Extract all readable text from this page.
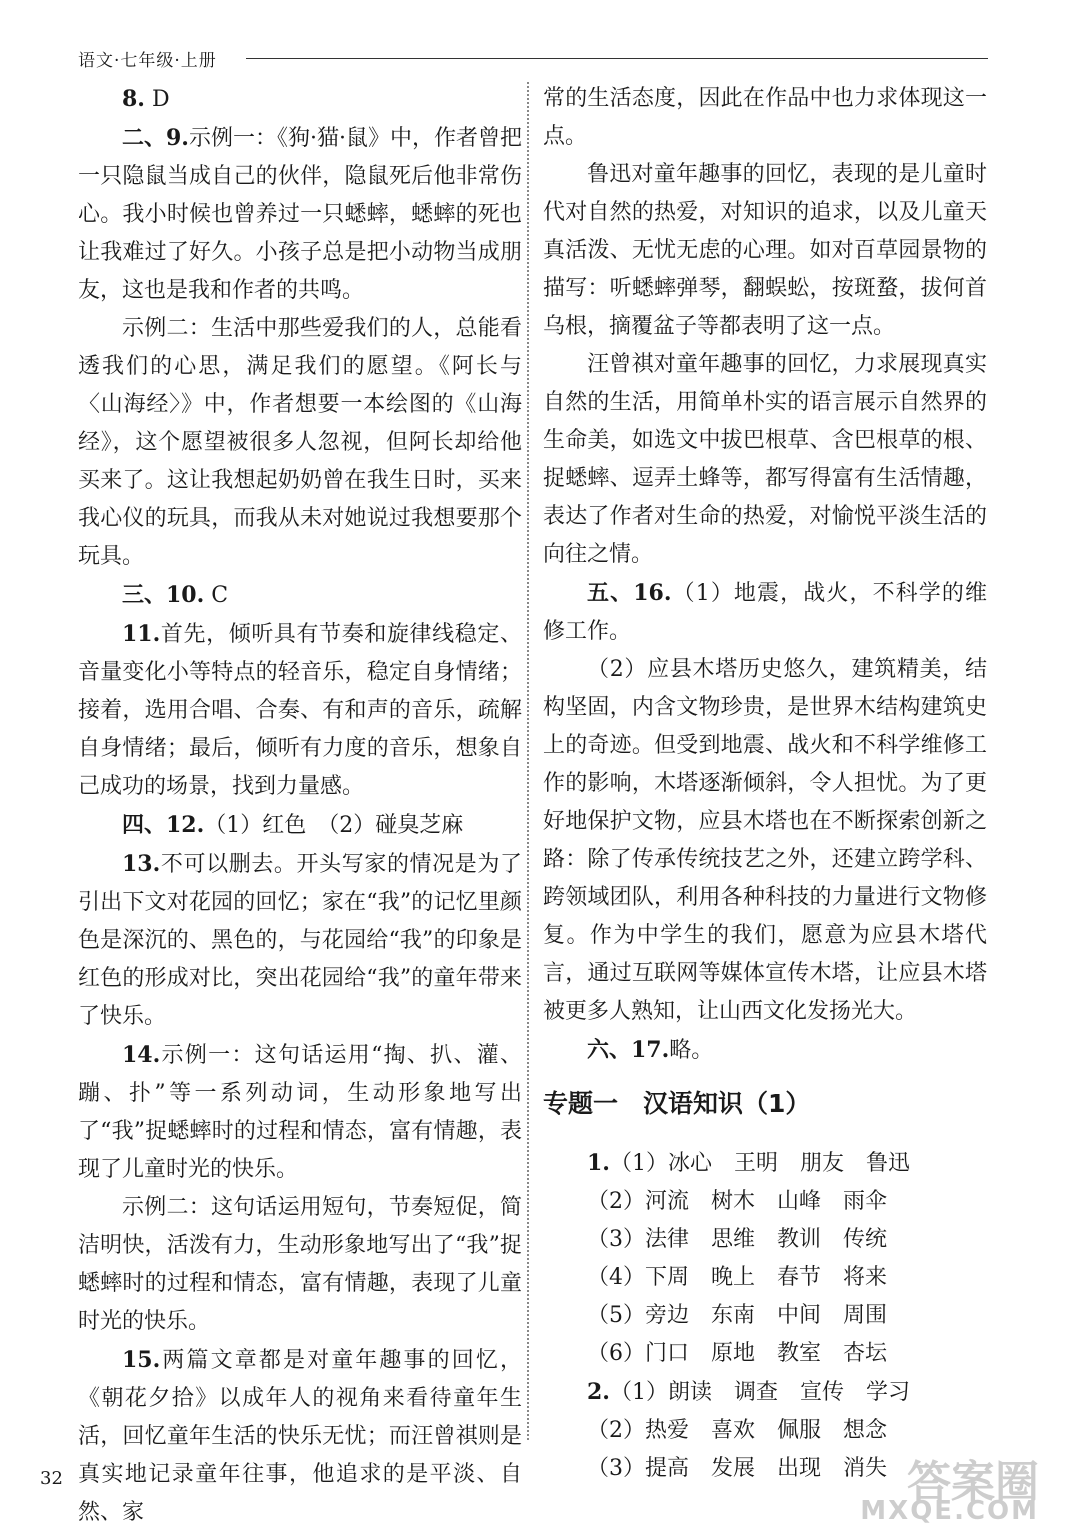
语文·七年级·上册

8. D

二、9.示例一：《狗·猫·鼠》中，作者曾把一只隐鼠当成自己的伙伴，隐鼠死后他非常伤心。我小时候也曾养过一只蟋蟀，蟋蟀的死也让我难过了好久。小孩子总是把小动物当成朋友，这也是我和作者的共鸣。

示例二：生活中那些爱我们的人，总能看透我们的心思，满足我们的愿望。《阿长与〈山海经〉》中，作者想要一本绘图的《山海经》，这个愿望被很多人忽视，但阿长却给他买来了。这让我想起奶奶曾在我生日时，买来我心仪的玩具，而我从未对她说过我想要那个玩具。

三、10. C

11.首先，倾听具有节奏和旋律线稳定、音量变化小等特点的轻音乐，稳定自身情绪；接着，选用合唱、合奏、有和声的音乐，疏解自身情绪；最后，倾听有力度的音乐，想象自己成功的场景，找到力量感。

四、12.（1）红色　（2）碰臭芝麻

13.不可以删去。开头写家的情况是为了引出下文对花园的回忆；家在“我”的记忆里颜色是深沉的、黑色的，与花园给“我”的印象是红色的形成对比，突出花园给“我”的童年带来了快乐。

14.示例一：这句话运用“掏、扒、灌、蹦、扑”等一系列动词，生动形象地写出了“我”捉蟋蟀时的过程和情态，富有情趣，表现了儿童时光的快乐。

示例二：这句话运用短句，节奏短促，简洁明快，活泼有力，生动形象地写出了“我”捉蟋蟀时的过程和情态，富有情趣，表现了儿童时光的快乐。

15.两篇文章都是对童年趣事的回忆，《朝花夕拾》以成年人的视角来看待童年生活，回忆童年生活的快乐无忧；而汪曾祺则是真实地记录童年往事，他追求的是平淡、自然、家

常的生活态度，因此在作品中也力求体现这一点。

鲁迅对童年趣事的回忆，表现的是儿童时代对自然的热爱，对知识的追求，以及儿童天真活泼、无忧无虑的心理。如对百草园景物的描写：听蟋蟀弹琴，翻蜈蚣，按斑蝥，拔何首乌根，摘覆盆子等都表明了这一点。

汪曾祺对童年趣事的回忆，力求展现真实自然的生活，用简单朴实的语言展示自然界的生命美，如选文中拔巴根草、含巴根草的根、捉蟋蟀、逗弄土蜂等，都写得富有生活情趣，表达了作者对生命的热爱，对愉悦平淡生活的向往之情。

五、16.（1）地震，战火，不科学的维修工作。

（2）应县木塔历史悠久，建筑精美，结构坚固，内含文物珍贵，是世界木结构建筑史上的奇迹。但受到地震、战火和不科学维修工作的影响，木塔逐渐倾斜，令人担忧。为了更好地保护文物，应县木塔也在不断探索创新之路：除了传承传统技艺之外，还建立跨学科、跨领域团队，利用各种科技的力量进行文物修复。作为中学生的我们，愿意为应县木塔代言，通过互联网等媒体宣传木塔，让应县木塔被更多人熟知，让山西文化发扬光大。

六、17.略。

专题一　汉语知识（1）

1.（1）冰心　王明　朋友　鲁迅

（2）河流　树木　山峰　雨伞

（3）法律　思维　教训　传统

（4）下周　晚上　春节　将来

（5）旁边　东南　中间　周围

（6）门口　原地　教室　杏坛

2.（1）朗读　调查　宣传　学习

（2）热爱　喜欢　佩服　想念

（3）提高　发展　出现　消失

32	答案圈
MXQE.COM
